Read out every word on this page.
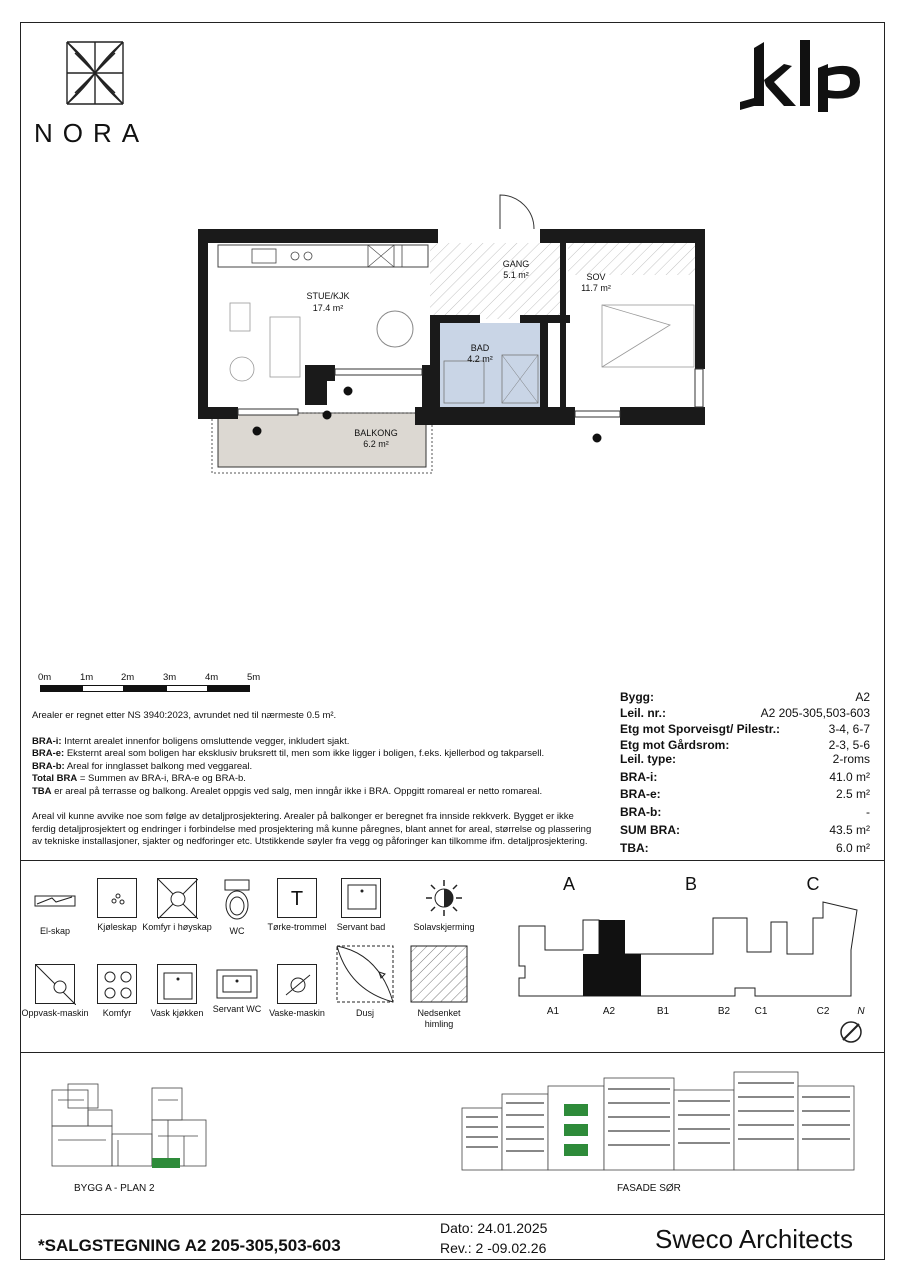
NORA
STUE/KJK
17.4 m²
GANG
5.1 m²	SOV
11.7 m²
BAD
4.2 m²
BALKONG
6.2 m²
0m	1m	2m	3m	4m	5m

Arealer er regnet etter NS 3940:2023, avrundet ned til nærmeste 0.5 m².

BRA-i: Internt arealet innenfor boligens omsluttende vegger, inkludert sjakt.

BRA-e: Eksternt areal som boligen har eksklusiv bruksrett til, men som ikke ligger i boligen, f.eks. kjellerbod og takparsell.

BRA-b: Areal for innglasset balkong med veggareal.

Total BRA = Summen av BRA-i, BRA-e og BRA-b.

TBA er areal på terrasse og balkong. Arealet oppgis ved salg, men inngår ikke i BRA. Oppgitt romareal er netto romareal.

Areal vil kunne avvike noe som følge av detaljprosjektering. Arealer på balkonger er beregnet fra innside rekkverk. Bygget er ikke ferdig detaljprosjektert og endringer i forbindelse med prosjektering må kunne påregnes, blant annet for areal, størrelse og plassering av tekniske installasjoner, sjakter og nedforinger etc. Utstikkende søyler fra vegg og påforinger kan tilkomme ifm. detaljprosjektering.

Bygg:	A2
Leil. nr.:	A2 205-305,503-603
Etg mot Sporveisgt/ Pilestr.:	3-4, 6-7
Etg mot Gårdsrom:	2-3, 5-6
Leil. type:	2-roms
BRA-i:	41.0 m²
BRA-e:	2.5 m²
BRA-b:	-
SUM BRA:	43.5 m²
TBA:	6.0 m²
El-skap	Kjøleskap Komfyr i høyskap	WC
T
Tørke-trommel	Servant bad	Solavskjerming
Oppvask-maskin	Komfyr	Vask kjøkken	Servant WC Vaske-maskin	Dusj	Nedsenket himling
A	B	C
A1	A2	B1	B2 C1	C2	N
BYGG A - PLAN 2	FASADE SØR
*SALGSTEGNING A2 205-305,503-603
Dato: 24.01.2025
Rev.: 2 -09.02.26	Sweco Architects
